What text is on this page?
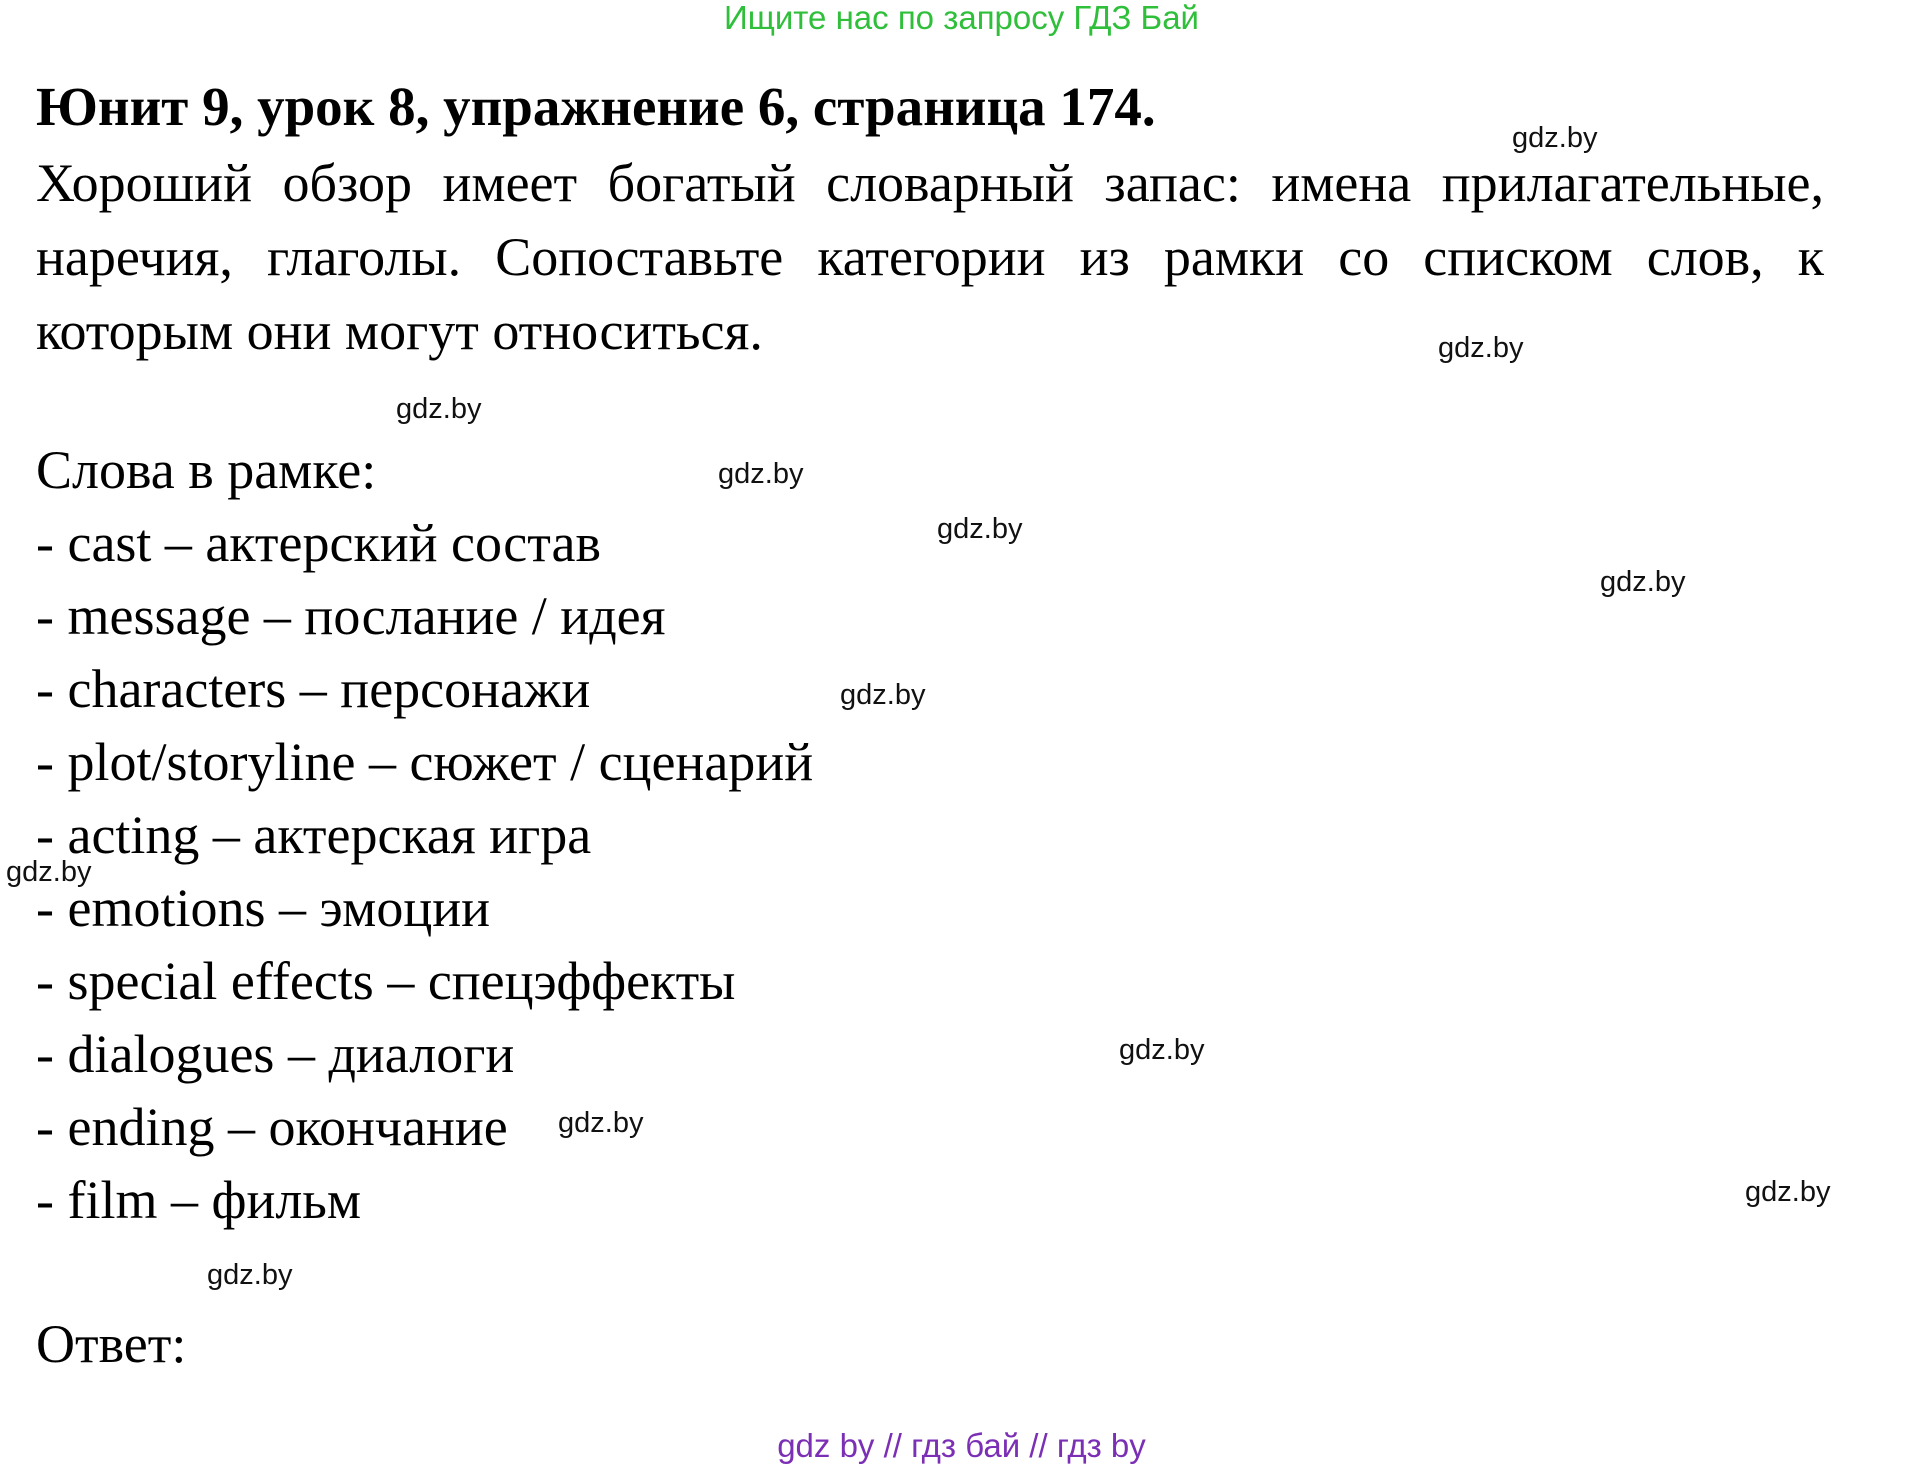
Ищите нас по запросу ГДЗ Бай
Юнит 9, урок 8, упражнение 6, страница 174.
Хороший обзор имеет богатый словарный запас: имена прилагательные, наречия, глаголы. Сопоставьте категории из рамки со списком слов, к которым они могут относиться.
Слова в рамке:
- cast – актерский состав
- message – послание / идея
- characters – персонажи
- plot/storyline – сюжет / сценарий
- acting – актерская игра
- emotions – эмоции
- special effects – спецэффекты
- dialogues – диалоги
- ending – окончание
- film – фильм
Ответ:
gdz.by
gdz.by
gdz.by
gdz.by
gdz.by
gdz.by
gdz.by
gdz.by
gdz.by
gdz.by
gdz.by
gdz.by
gdz by // гдз бай // гдз by
